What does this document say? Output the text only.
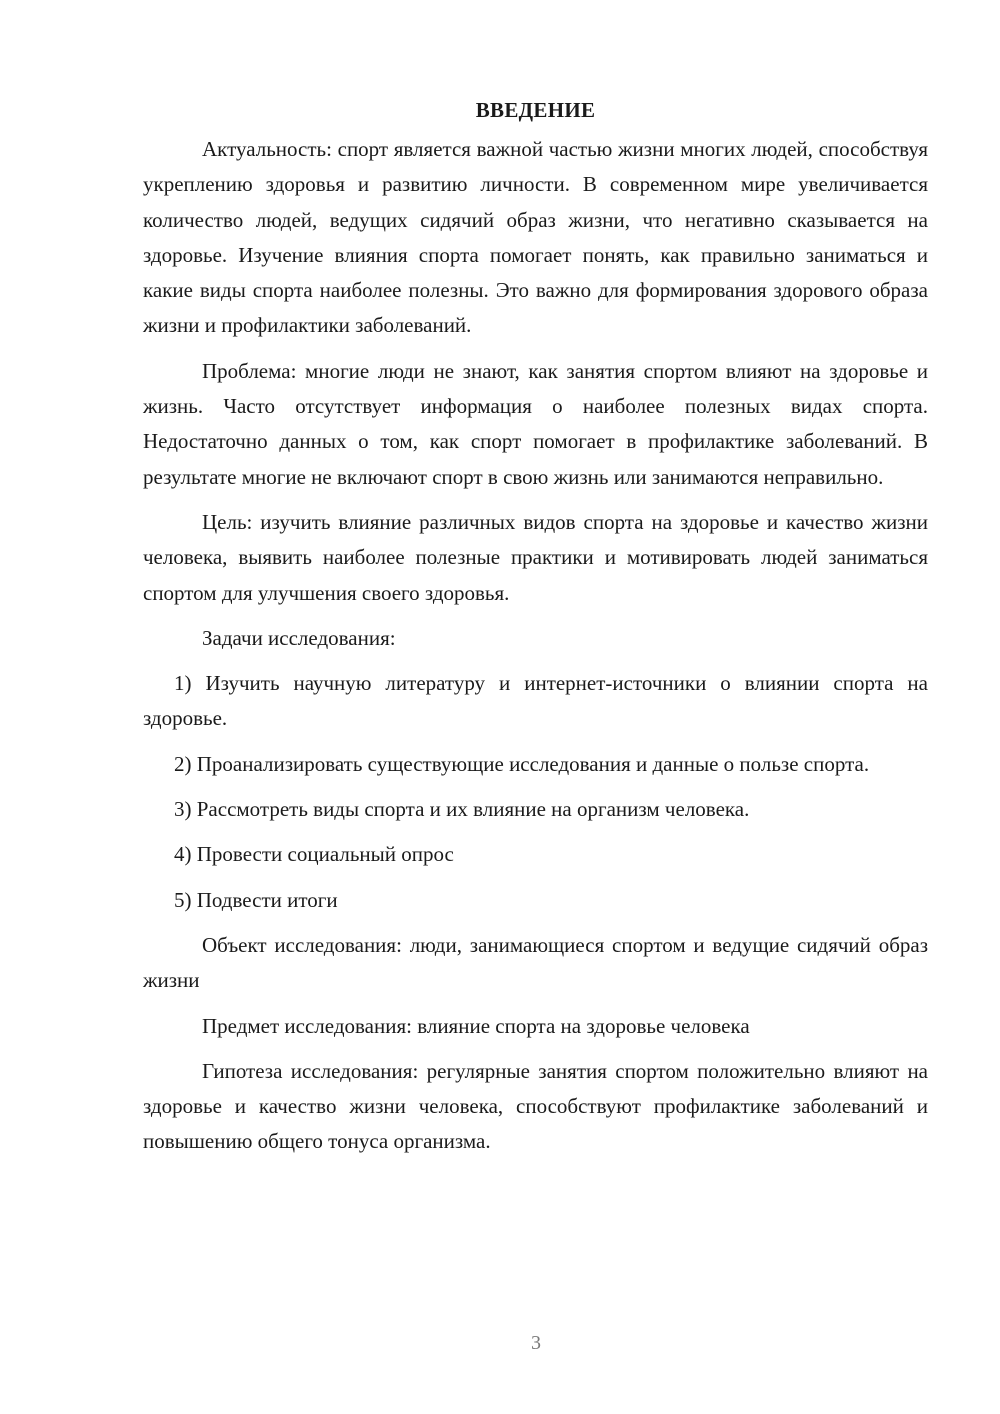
ВВЕДЕНИЕ

Актуальность: спорт является важной частью жизни многих людей, способствуя укреплению здоровья и развитию личности. В современном мире увеличивается количество людей, ведущих сидячий образ жизни, что негативно сказывается на здоровье. Изучение влияния спорта помогает понять, как правильно заниматься и какие виды спорта наиболее полезны. Это важно для формирования здорового образа жизни и профилактики заболеваний.

Проблема: многие люди не знают, как занятия спортом влияют на здоровье и жизнь. Часто отсутствует информация о наиболее полезных видах спорта. Недостаточно данных о том, как спорт помогает в профилактике заболеваний. В результате многие не включают спорт в свою жизнь или занимаются неправильно.

Цель: изучить влияние различных видов спорта на здоровье и качество жизни человека, выявить наиболее полезные практики и мотивировать людей заниматься спортом для улучшения своего здоровья.

Задачи исследования:

1) Изучить научную литературу и интернет-источники о влиянии спорта на здоровье.

2) Проанализировать существующие исследования и данные о пользе спорта.

3) Рассмотреть виды спорта и их влияние на организм человека.

4) Провести социальный опрос

5) Подвести итоги

Объект исследования: люди, занимающиеся спортом и ведущие сидячий образ жизни

Предмет исследования: влияние спорта на здоровье человека

Гипотеза исследования: регулярные занятия спортом положительно влияют на здоровье и качество жизни человека, способствуют профилактике заболеваний и повышению общего тонуса организма.

3
